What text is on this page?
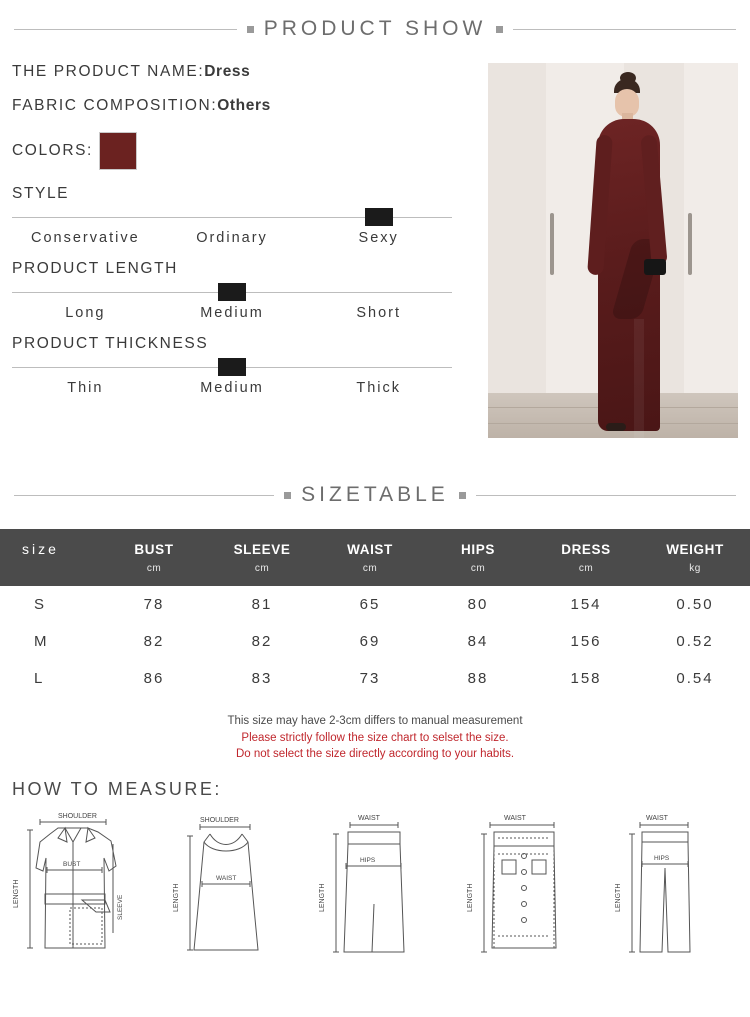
PRODUCT SHOW
THE PRODUCT NAME:Dress
FABRIC COMPOSITION:Others
COLORS:
STYLE
Conservative	Ordinary	Sexy
PRODUCT LENGTH
Long	Medium	Short
PRODUCT THICKNESS
Thin	Medium	Thick
SIZETABLE
size	BUST	SLEEVE	WAIST	HIPS	DRESS	WEIGHT
	cm	cm	cm	cm	cm	kg
S	78	81	65	80	154	0.50
M	82	82	69	84	156	0.52
L	86	83	73	88	158	0.54
This size may have 2-3cm differs to manual measurement
Please strictly follow the size chart to selset the size.
Do not select the size directly according to your habits.
HOW TO MEASURE:
SHOULDER
LENGTH
BUST
SLEEVE
SHOULDER
LENGTH
WAIST
WAIST
LENGTH
HIPS
WAIST
LENGTH
WAIST
LENGTH
HIPS
